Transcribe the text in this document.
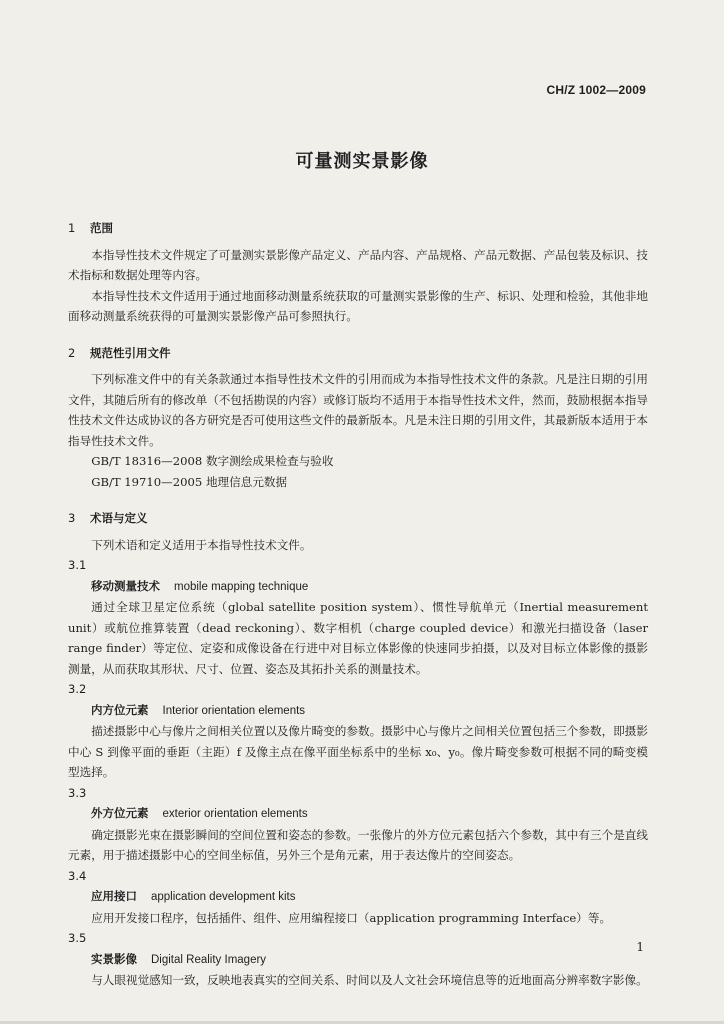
CH/Z 1002—2009
可量测实景影像
1 范围

本指导性技术文件规定了可量测实景影像产品定义、产品内容、产品规格、产品元数据、产品包装及标识、技术指标和数据处理等内容。

本指导性技术文件适用于通过地面移动测量系统获取的可量测实景影像的生产、标识、处理和检验，其他非地面移动测量系统获得的可量测实景影像产品可参照执行。

2 规范性引用文件

下列标准文件中的有关条款通过本指导性技术文件的引用而成为本指导性技术文件的条款。凡是注日期的引用文件，其随后所有的修改单（不包括勘误的内容）或修订版均不适用于本指导性技术文件，然而，鼓励根据本指导性技术文件达成协议的各方研究是否可使用这些文件的最新版本。凡是未注日期的引用文件，其最新版本适用于本指导性技术文件。

GB/T 18316—2008 数字测绘成果检查与验收

GB/T 19710—2005 地理信息元数据

3 术语与定义

下列术语和定义适用于本指导性技术文件。

3.1

移动测量技术 mobile mapping technique

通过全球卫星定位系统（global satellite position system）、惯性导航单元（Inertial measurement unit）或航位推算装置（dead reckoning）、数字相机（charge coupled device）和激光扫描设备（laser range finder）等定位、定姿和成像设备在行进中对目标立体影像的快速同步拍摄，以及对目标立体影像的摄影测量，从而获取其形状、尺寸、位置、姿态及其拓扑关系的测量技术。

3.2

内方位元素 Interior orientation elements

描述摄影中心与像片之间相关位置以及像片畸变的参数。摄影中心与像片之间相关位置包括三个参数，即摄影中心 S 到像平面的垂距（主距）f 及像主点在像平面坐标系中的坐标 x₀、y₀。像片畸变参数可根据不同的畸变模型选择。

3.3

外方位元素 exterior orientation elements

确定摄影光束在摄影瞬间的空间位置和姿态的参数。一张像片的外方位元素包括六个参数，其中有三个是直线元素，用于描述摄影中心的空间坐标值，另外三个是角元素，用于表达像片的空间姿态。

3.4

应用接口 application development kits

应用开发接口程序，包括插件、组件、应用编程接口（application programming Interface）等。

3.5

实景影像 Digital Reality Imagery

与人眼视觉感知一致，反映地表真实的空间关系、时间以及人文社会环境信息等的近地面高分辨率数字影像。

1
